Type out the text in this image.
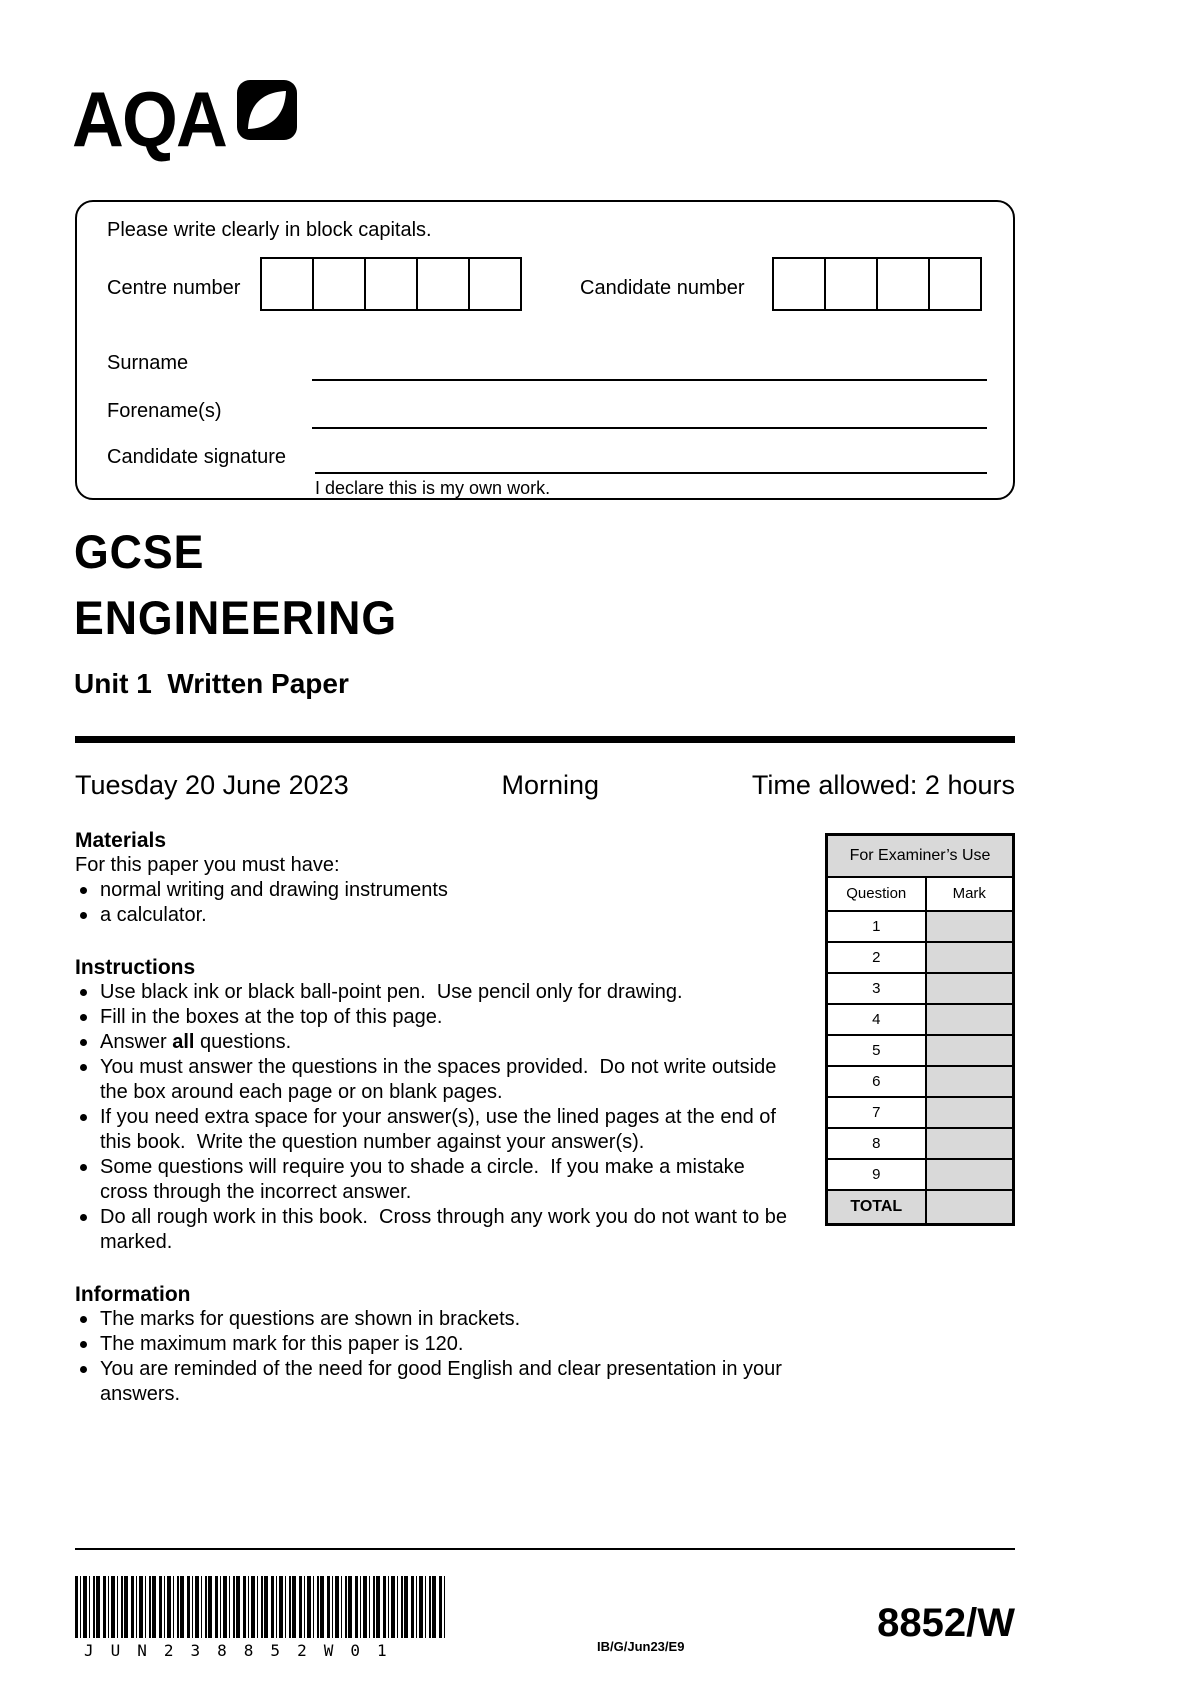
AQA

Please write clearly in block capitals.

Centre number	Candidate number
Surname
Forename(s)
Candidate signature

I declare this is my own work.

GCSE
ENGINEERING
Unit 1  Written Paper
Tuesday 20 June 2023	Morning	Time allowed: 2 hours
Materials

For this paper you must have:

normal writing and drawing instruments
a calculator.
Instructions
Use black ink or black ball-point pen.  Use pencil only for drawing.
Fill in the boxes at the top of this page.
Answer all questions.
You must answer the questions in the spaces provided.  Do not write outside the box around each page or on blank pages.
If you need extra space for your answer(s), use the lined pages at the end of this book.  Write the question number against your answer(s).
Some questions will require you to shade a circle.  If you make a mistake cross through the incorrect answer.
Do all rough work in this book.  Cross through any work you do not want to be marked.
Information
The marks for questions are shown in brackets.
The maximum mark for this paper is 120.
You are reminded of the need for good English and clear presentation in your answers.
For Examiner’s Use	
Question	Mark
1	
2	
3	
4	
5	
6	
7	
8	
9	
TOTAL	
JUN238852W01	IB/G/Jun23/E9
8852/W
